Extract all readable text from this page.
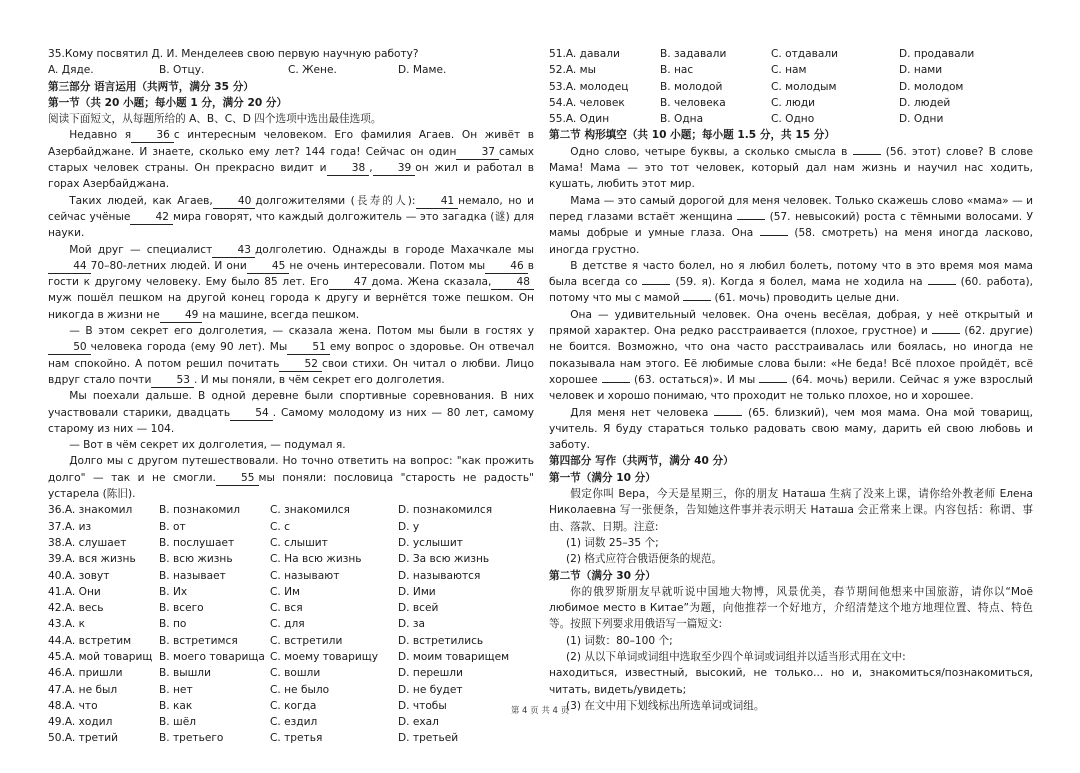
35.Кому посвятил Д. И. Менделеев свою первую научную работу?

A. Дяде.	B. Отцу.	C. Жене.	D. Маме.

第三部分 语言运用（共两节，满分 35 分）

第一节（共 20 小题；每小题 1 分，满分 20 分）

阅读下面短文，从每题所给的 A、B、C、D 四个选项中选出最佳选项。

Недавно я 36 с интересным человеком. Его фамилия Агаев. Он живёт в Азербайджане. И знаете, сколько ему лет? 144 года! Сейчас он один 37 самых старых человек страны. Он прекрасно видит и 38 , 39 он жил и работал в горах Азербайджана.

Таких людей, как Агаев, 40 долгожителями (長寿的人): 41 немало, но и сейчас учёные 42 мира говорят, что каждый долгожитель — это загадка (谜) для науки.

Мой друг — специалист 43 долголетию. Однажды в городе Махачкале мы44 70–80-летних людей. И они 45 не очень интересовали. Потом мы 46 в гости к другому человеку. Ему было 85 лет. Его 47 дома. Жена сказала, 48муж пошёл пешком на другой конец города к другу и вернётся тоже пешком. Он никогда в жизни не 49 на машине, всегда пешком.

— В этом секрет его долголетия, — сказала жена. Потом мы были в гостях у50 человека города (ему 90 лет). Мы 51 ему вопрос о здоровье. Он отвечал нам спокойно. А потом решил почитать 52 свои стихи. Он читал о любви. Лицо вдруг стало почти 53 . И мы поняли, в чём секрет его долголетия.

Мы поехали дальше. В одной деревне были спортивные соревнования. В них участвовали старики, двадцать 54 . Самому молодому из них — 80 лет, самому старому из них — 104.

— Вот в чём секрет их долголетия, — подумал я.

Долго мы с другом путешествовали. Но точно ответить на вопрос: "как прожить долго" — так и не смогли. 55 мы поняли: пословица "старость не радость" устарела (陈旧).

36.A. знакомил	B. познакомил	C. знакомился	D. познакомился
37.A. из	B. от	C. с	D. у
38.A. слушает	B. послушает	C. слышит	D. услышит
39.A. вся жизнь B. всю жизнь	C. На всю жизнь	D. За всю жизнь
40.A. зовут	B. называет	C. называют	D. называются
41.A. Они	B. Их	C. Им	D. Ими
42.A. весь	B. всего	C. вся	D. всей
43.A. к	B. по	C. для	D. за
44.A. встретим	B. встретимся	C. встретили	D. встретились
45.A. мой товарищ B. моего товарища C. моему товарищу D. моим товарищем
46.A. пришли	B. вышли	C. вошли	D. перешли
47.A. не был	B. нет	C. не было	D. не будет
48.A. что	B. как	C. когда	D. чтобы
49.A. ходил	B. шёл	C. ездил	D. ехал
50.A. третий	B. третьего	C. третья	D. третьей
51.A. давали	B. задавали	C. отдавали	D. продавали
52.A. мы	B. нас	C. нам	D. нами
53.A. молодец	B. молодой	C. молодым	D. молодом
54.A. человек	B. человека	C. люди	D. людей
55.A. Один	B. Одна	C. Одно	D. Одни

第二节 构形填空（共 10 小题；每小题 1.5 分，共 15 分）

Одно слово, четыре буквы, а сколько смысла в	(56. этот) слове? В слове Мама! Мама — это тот человек, который дал нам жизнь и научил нас ходить, кушать, любить этот мир.

Мама — это самый дорогой для меня человек. Только скажешь слово «мама» — и перед глазами встаёт женщина	(57. невысокий) роста с тёмными волосами. У мамы добрые и умные глаза. Она	(58. смотреть) на меня иногда ласково, иногда грустно.

В детстве я часто болел, но я любил болеть, потому что в это время моя мама была всегда со	(59. я). Когда я болел, мама не ходила на	(60. работа), потому что мы с мамой	(61. мочь) проводить целые дни.

Она — удивительный человек. Она очень весёлая, добрая, у неё открытый и прямой характер. Она редко расстраивается (плохое, грустное) и	(62. другие) не боится. Возможно, что она часто расстраивалась или боялась, но иногда не показывала нам этого. Её любимые слова были: «Не беда! Всё плохое пройдёт, всё хорошее	(63. остаться)». И мы	(64. мочь) верили. Сейчас я уже взрослый человек и хорошо понимаю, что проходит не только плохое, но и хорошее.

Для меня нет человека	(65. близкий), чем моя мама. Она мой товарищ, учитель. Я буду стараться только радовать свою маму, дарить ей свою любовь и заботу.

第四部分 写作（共两节，满分 40 分）

第一节（满分 10 分）

假定你叫 Вера，今天是星期三，你的朋友 Наташа 生病了没来上课，请你给外教老师 Елена Николаевна 写一张便条，告知她这件事并表示明天 Наташа 会正常来上课。内容包括：称谓、事由、落款、日期。注意:

(1) 词数 25–35 个;

(2) 格式应符合俄语便条的规范。

第二节（满分 30 分）

你的俄罗斯朋友早就听说中国地大物博，风景优美，春节期间他想来中国旅游，请你以“Моё любимое место в Китае”为题，向他推荐一个好地方，介绍清楚这个地方地理位置、特点、特色等。按照下列要求用俄语写一篇短文:

(1) 词数：80–100 个;

(2) 从以下单词或词组中选取至少四个单词或词组并以适当形式用在文中:

находиться, известный, высокий, не только... но и, знакомиться/познакомиться, читать, видеть/увидеть;

(3) 在文中用下划线标出所选单词或词组。

第 4 页 共 4 页
